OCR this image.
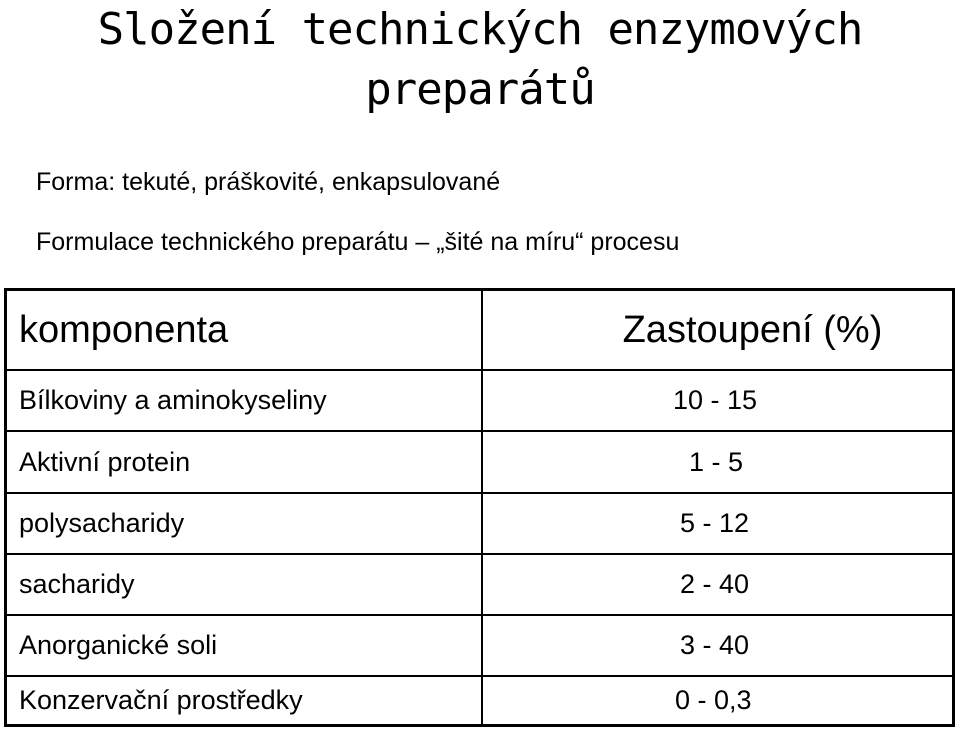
Složení technických enzymových
preparátů
Forma: tekuté, práškovité, enkapsulované
Formulace technického preparátu – „šité na míru“ procesu
komponenta	Zastoupení (%)
Bílkoviny a aminokyseliny	10 - 15
Aktivní protein	1 - 5
polysacharidy	5 - 12
sacharidy	2 - 40
Anorganické soli	3 - 40
Konzervační prostředky	0 - 0,3
